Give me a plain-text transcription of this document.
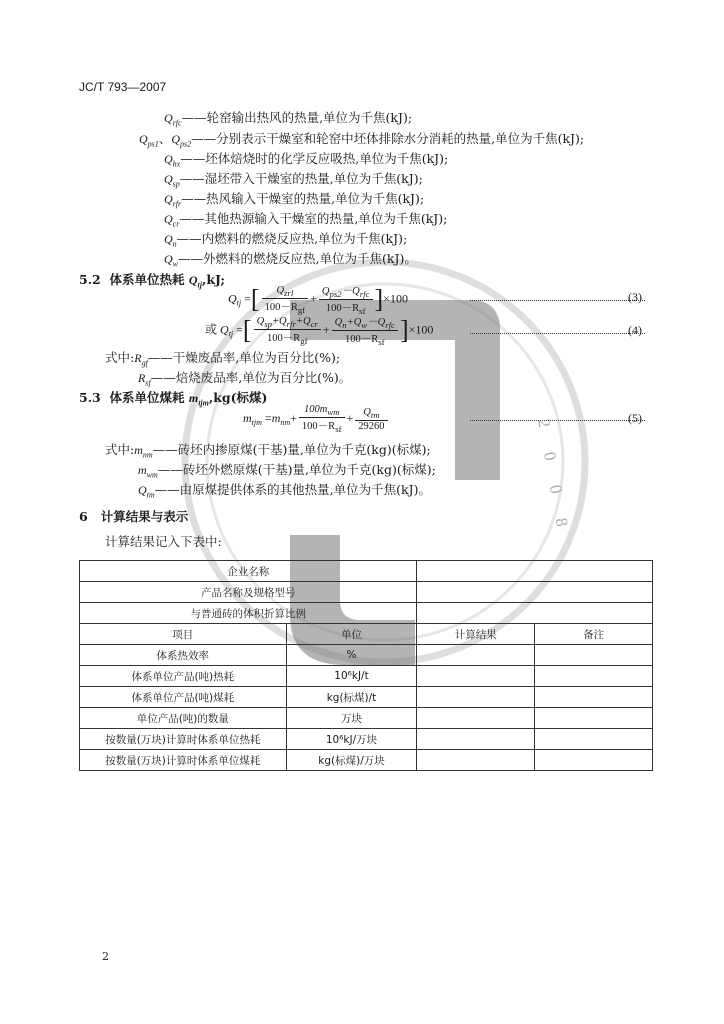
2008
JC/T 793—2007
$Q_{rfc}——$轮窑输出热风的热量,单位为千焦(kJ);
$Q_{ps1}$、$Q_{ps2}——$分别表示干燥室和轮窑中坯体排除水分消耗的热量,单位为千焦(kJ);
$Q_{hx}——$坯体焙烧时的化学反应吸热,单位为千焦(kJ);
$Q_{sp}——$湿坯带入干燥室的热量,单位为千焦(kJ);
$Q_{rfr}——$热风输入干燥室的热量,单位为千焦(kJ);
$Q_{cr}——$其他热源输入干燥室的热量,单位为千焦(kJ);
$Q_n——$内燃料的燃烧反应热,单位为千焦(kJ);
$Q_w——$外燃料的燃烧反应热,单位为千焦(kJ)。
5.2 体系单位热耗 $Q_{tj},kJ$;
$Q_{tj}$ =[ $\frac{Q_{zrl}}{100-R_{gf}} + \frac{Q_{ps2}-Q_{rfc}}{100-R_{sf}} ]\times 100$	(3)
或 $Q_{tj}$ =[ $\frac{Q_{sp}+Q_{rfr}+Q_{cr}}{100-R_{gf}} + \frac{Q_n+Q_w-Q_{rfc}}{100-R_{sf}} ]\times 100$	(4)
式中$:R_{gf}——$干燥废品率,单位为百分比(%);
$R_{sf}——$焙烧废品率,单位为百分比(%)。
5.3 体系单位煤耗 $m_{tjm},kg$(标煤)
$m_{tjm} =m_{nm}+ \frac{100m_{wm}}{100-R_{sf}} + \frac{Q_{tm}}{29260}$	(5)
式中$:m_{nm}——$砖坯内掺原煤(干基)量,单位为千克(kg)(标煤);
$m_{wm}——$砖坯外燃原煤(干基)量,单位为千克(kg)(标煤);
$Q_{tm}——$由原煤提供体系的其他热量,单位为千焦(kJ)。
6 计算结果与表示
计算结果记入下表中:
企业名称			
产品名称及规格型号			
与普通砖的体积折算比例			
项目	单位	计算结果	备注
体系热效率	%		
体系单位产品(吨)热耗	10⁶kJ/t		
体系单位产品(吨)煤耗	kg(标煤)/t		
单位产品(吨)的数量	万块		
按数量(万块)计算时体系单位热耗	10⁶kJ/万块		
按数量(万块)计算时体系单位煤耗	kg(标煤)/万块		
2
